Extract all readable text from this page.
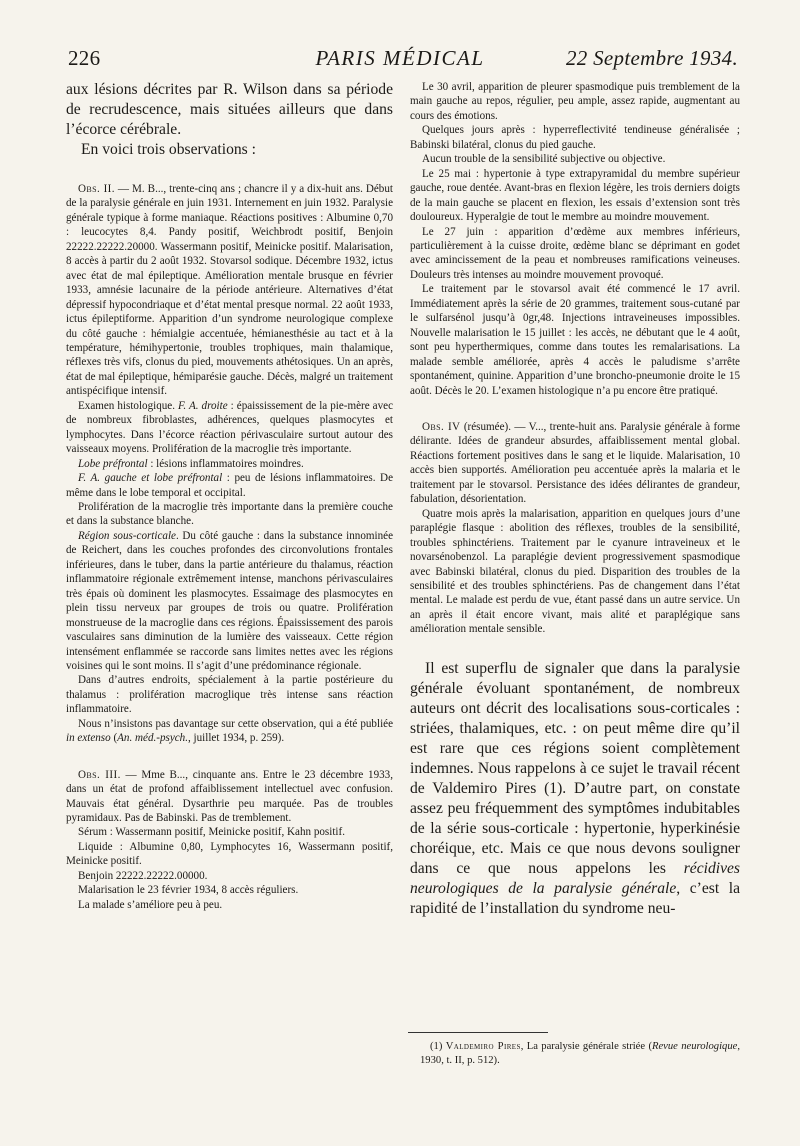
226	PARIS MÉDICAL	22 Septembre 1934.

aux lésions décrites par R. Wilson dans sa période de recrudescence, mais situées ailleurs que dans l’écorce cérébrale.

En voici trois observations :

Obs. II. — M. B..., trente-cinq ans ; chancre il y a dix-huit ans. Début de la paralysie générale en juin 1931. Internement en juin 1932. Paralysie générale typique à forme maniaque. Réactions positives : Albumine 0,70 : leucocytes 8,4. Pandy positif, Weichbrodt positif, Benjoin 22222.22222.20000. Wassermann positif, Meinicke positif. Malarisation, 8 accès à partir du 2 août 1932. Stovarsol sodique. Décembre 1932, ictus avec état de mal épileptique. Amélioration mentale brusque en février 1933, amnésie lacunaire de la période antérieure. Alternatives d’état dépressif hypocondriaque et d’état mental presque normal. 22 août 1933, ictus épileptiforme. Apparition d’un syndrome neurologique complexe du côté gauche : hémialgie accentuée, hémianesthésie au tact et à la température, hémihypertonie, troubles trophiques, main thalamique, réflexes très vifs, clonus du pied, mouvements athétosiques. Un an après, état de mal épileptique, hémiparésie gauche. Décès, malgré un traitement antispécifique intensif.

Examen histologique. F. A. droite : épaississement de la pie-mère avec de nombreux fibroblastes, adhérences, quelques plasmocytes et lymphocytes. Dans l’écorce réaction périvasculaire surtout autour des vaisseaux moyens. Prolifération de la macroglie très importante.

Lobe préfrontal : lésions inflammatoires moindres.

F. A. gauche et lobe préfrontal : peu de lésions inflammatoires. De même dans le lobe temporal et occipital.

Prolifération de la macroglie très importante dans la première couche et dans la substance blanche.

Région sous-corticale. Du côté gauche : dans la substance innominée de Reichert, dans les couches profondes des circonvolutions frontales inférieures, dans le tuber, dans la partie antérieure du thalamus, réaction inflammatoire régionale extrêmement intense, manchons périvasculaires très épais où dominent les plasmocytes. Essaimage des plasmocytes en plein tissu nerveux par groupes de trois ou quatre. Prolifération monstrueuse de la macroglie dans ces régions. Épaississement des parois vasculaires sans diminution de la lumière des vaisseaux. Cette région intensément enflammée se raccorde sans limites nettes avec les régions voisines qui le sont moins. Il s’agit d’une prédominance régionale.

Dans d’autres endroits, spécialement à la partie postérieure du thalamus : prolifération macroglique très intense sans réaction inflammatoire.

Nous n’insistons pas davantage sur cette observation, qui a été publiée in extenso (An. méd.-psych., juillet 1934, p. 259).

Obs. III. — Mme B..., cinquante ans. Entre le 23 décembre 1933, dans un état de profond affaiblissement intellectuel avec confusion. Mauvais état général. Dysarthrie peu marquée. Pas de troubles pyramidaux. Pas de Babinski. Pas de tremblement.

Sérum : Wassermann positif, Meinicke positif, Kahn positif.

Liquide : Albumine 0,80, Lymphocytes 16, Wassermann positif, Meinicke positif.

Benjoin 22222.22222.00000.

Malarisation le 23 février 1934, 8 accès réguliers.

La malade s’améliore peu à peu.

Le 30 avril, apparition de pleurer spasmodique puis tremblement de la main gauche au repos, régulier, peu ample, assez rapide, augmentant au cours des émotions.

Quelques jours après : hyperreflectivité tendineuse généralisée ; Babinski bilatéral, clonus du pied gauche.

Aucun trouble de la sensibilité subjective ou objective.

Le 25 mai : hypertonie à type extrapyramidal du membre supérieur gauche, roue dentée. Avant-bras en flexion légère, les trois derniers doigts de la main gauche se placent en flexion, les essais d’extension sont très douloureux. Hyperalgie de tout le membre au moindre mouvement.

Le 27 juin : apparition d’œdème aux membres inférieurs, particulièrement à la cuisse droite, œdème blanc se déprimant en godet avec amincissement de la peau et nombreuses ramifications veineuses. Douleurs très intenses au moindre mouvement provoqué.

Le traitement par le stovarsol avait été commencé le 17 avril. Immédiatement après la série de 20 grammes, traitement sous-cutané par le sulfarsénol jusqu’à 0gr,48. Injections intraveineuses impossibles. Nouvelle malarisation le 15 juillet : les accès, ne débutant que le 4 août, sont peu hyperthermiques, comme dans toutes les remalarisations. La malade semble améliorée, après 4 accès le paludisme s’arrête spontanément, quinine. Apparition d’une broncho-pneumonie droite le 15 août. Décès le 20. L’examen histologique n’a pu encore être pratiqué.

Obs. IV (résumée). — V..., trente-huit ans. Paralysie générale à forme délirante. Idées de grandeur absurdes, affaiblissement mental global. Réactions fortement positives dans le sang et le liquide. Malarisation, 10 accès bien supportés. Amélioration peu accentuée après la malaria et le traitement par le stovarsol. Persistance des idées délirantes de grandeur, fabulation, désorientation.

Quatre mois après la malarisation, apparition en quelques jours d’une paraplégie flasque : abolition des réflexes, troubles de la sensibilité, troubles sphinctériens. Traitement par le cyanure intraveineux et le novarsénobenzol. La paraplégie devient progressivement spasmodique avec Babinski bilatéral, clonus du pied. Disparition des troubles de la sensibilité et des troubles sphinctériens. Pas de changement dans l’état mental. Le malade est perdu de vue, étant passé dans un autre service. Un an après il était encore vivant, mais alité et paraplégique sans amélioration mentale sensible.

Il est superflu de signaler que dans la paralysie générale évoluant spontanément, de nombreux auteurs ont décrit des localisations sous-corticales : striées, thalamiques, etc. : on peut même dire qu’il est rare que ces régions soient complètement indemnes. Nous rappelons à ce sujet le travail récent de Valdemiro Pires (1). D’autre part, on constate assez peu fréquemment des symptômes indubitables de la série sous-corticale : hypertonie, hyperkinésie choréique, etc. Mais ce que nous devons souligner dans ce que nous appelons les récidives neurologiques de la paralysie générale, c’est la rapidité de l’installation du syndrome neu-

(1) Valdemiro Pires, La paralysie générale striée (Revue neurologique, 1930, t. II, p. 512).
